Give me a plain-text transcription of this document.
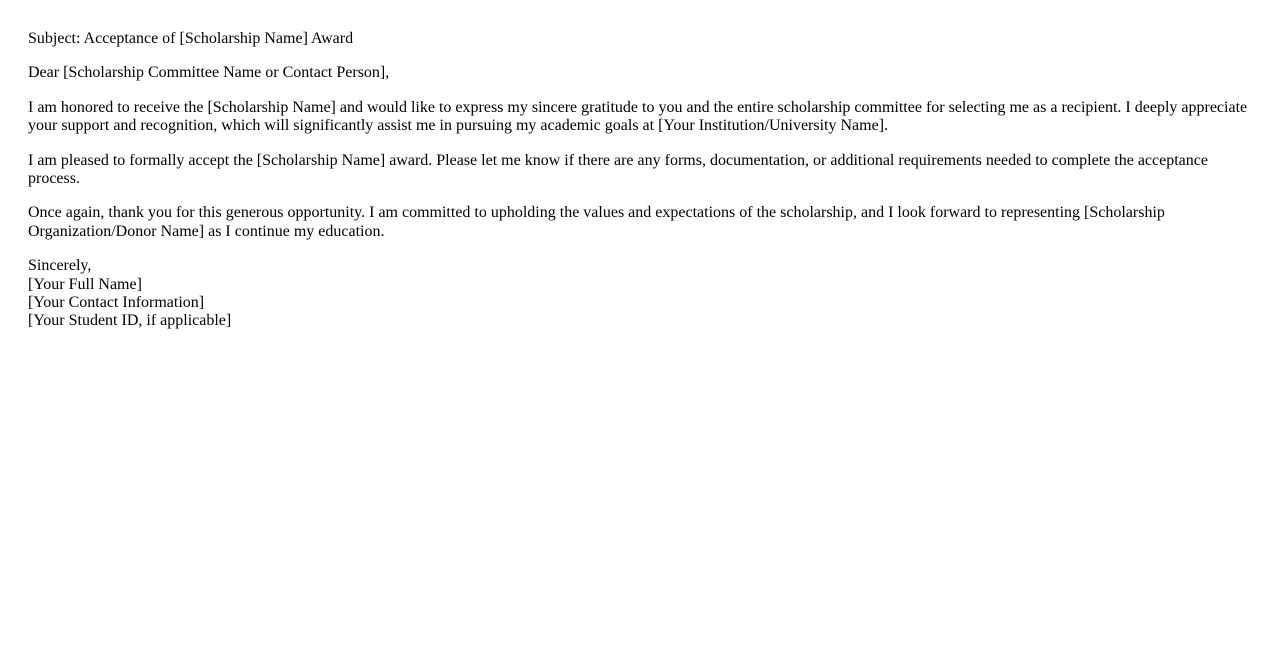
Subject: Acceptance of [Scholarship Name] Award

Dear [Scholarship Committee Name or Contact Person],

I am honored to receive the [Scholarship Name] and would like to express my sincere gratitude to you and the entire scholarship committee for selecting me as a recipient. I deeply appreciate your support and recognition, which will significantly assist me in pursuing my academic goals at [Your Institution/University Name].

I am pleased to formally accept the [Scholarship Name] award. Please let me know if there are any forms, documentation, or additional requirements needed to complete the acceptance process.

Once again, thank you for this generous opportunity. I am committed to upholding the values and expectations of the scholarship, and I look forward to representing [Scholarship Organization/Donor Name] as I continue my education.

Sincerely,
[Your Full Name]
[Your Contact Information]
[Your Student ID, if applicable]
